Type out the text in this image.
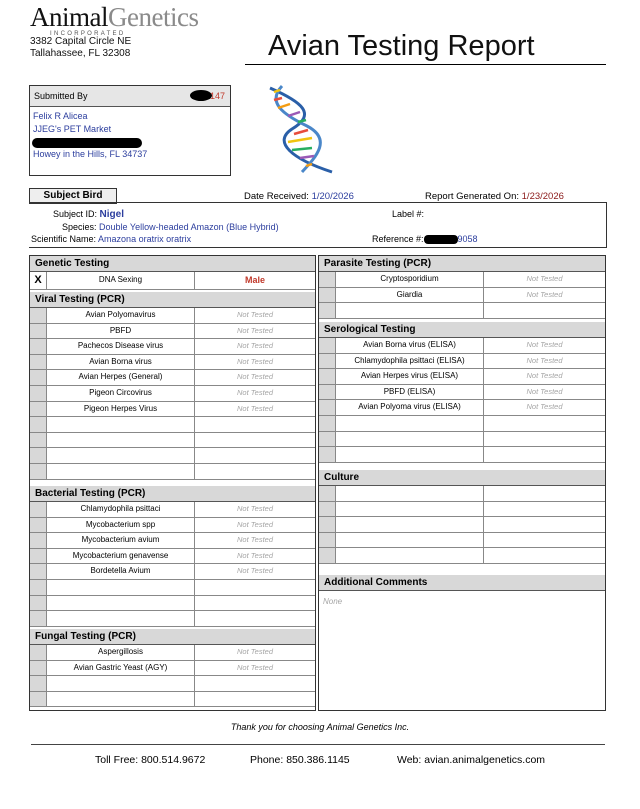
AnimalGenetics
INCORPORATED
3382 Capital Circle NE
Tallahassee, FL 32308	Avian Testing Report
Submitted By	147
Felix R Alicea
JJEG's PET Market
Howey in the Hills, FL 34737
Subject Bird	Date Received: 1/20/2026	Report Generated On: 1/23/2026
Subject ID: Nigel	Label #:
Species: Double Yellow-headed Amazon (Blue Hybrid)
Scientific Name: Amazona oratrix oratrix	Reference #:	9058
Genetic Testing
X	DNA Sexing	Male
Viral Testing (PCR)
Avian Polyomavirus	Not Tested
PBFD	Not Tested
Pachecos Disease virus	Not Tested
Avian Borna virus	Not Tested
Avian Herpes (General)	Not Tested
Pigeon Circovirus	Not Tested
Pigeon Herpes Virus	Not Tested
Bacterial Testing (PCR)
Chlamydophila psittaci	Not Tested
Mycobacterium spp	Not Tested
Mycobacterium avium	Not Tested
Mycobacterium genavense	Not Tested
Bordetella Avium	Not Tested
Fungal Testing (PCR)
Aspergillosis	Not Tested
Avian Gastric Yeast (AGY)	Not Tested
Parasite Testing (PCR)
Cryptosporidium	Not Tested
Giardia	Not Tested
Serological Testing
Avian Borna virus (ELISA)	Not Tested
Chlamydophila psittaci (ELISA)	Not Tested
Avian Herpes virus (ELISA)	Not Tested
PBFD (ELISA)	Not Tested
Avian Polyoma virus (ELISA)	Not Tested
Culture
Additional Comments
None
Thank you for choosing Animal Genetics Inc.
Toll Free: 800.514.9672	Phone: 850.386.1145	Web: avian.animalgenetics.com
